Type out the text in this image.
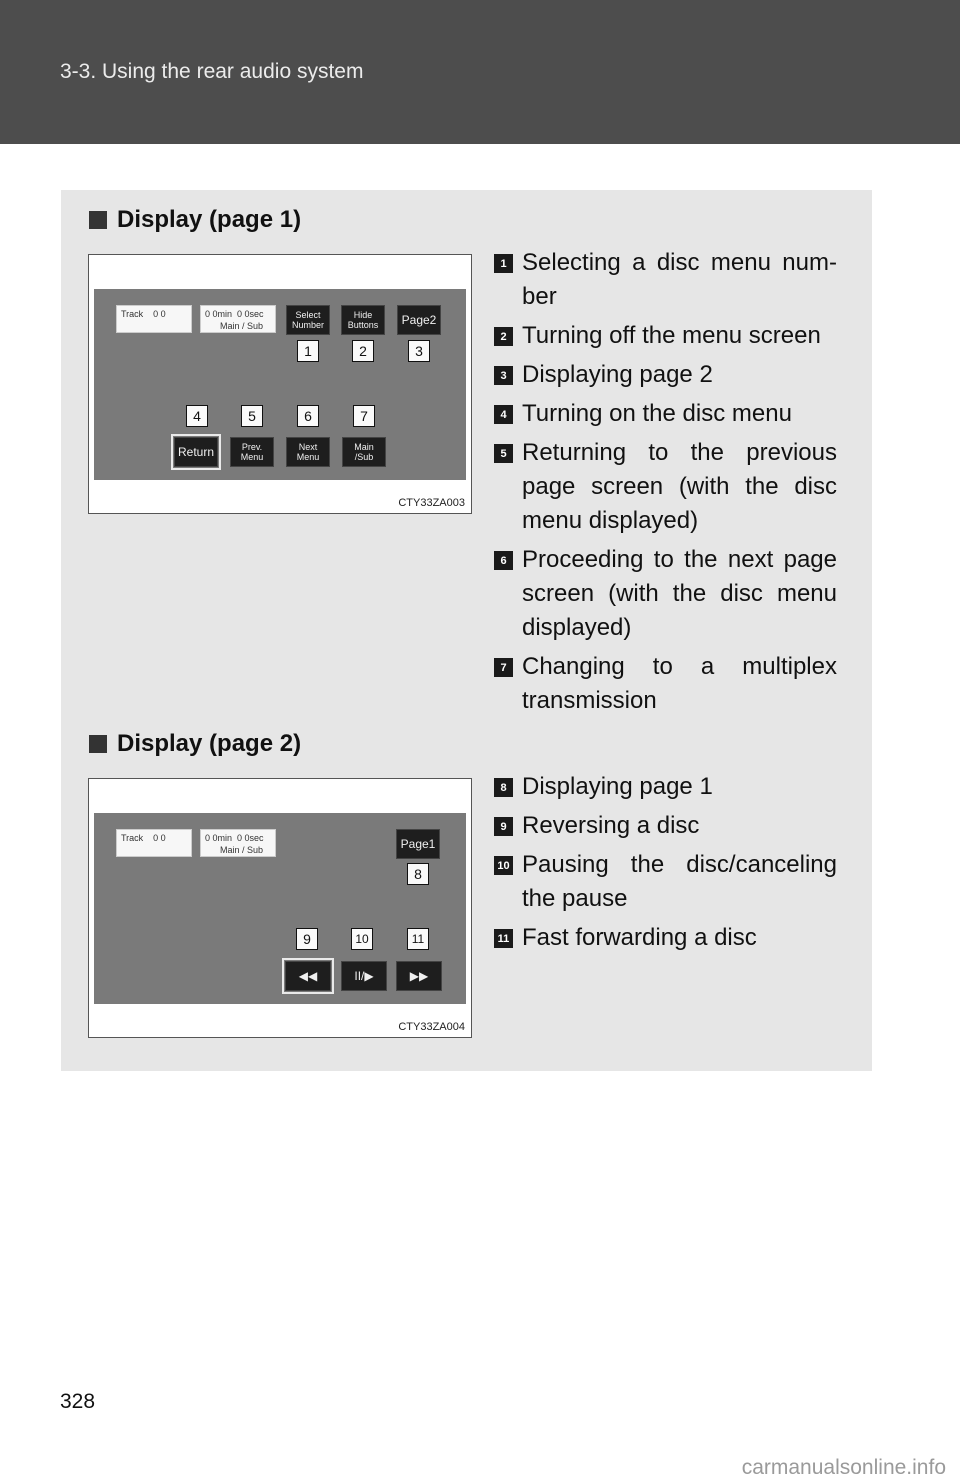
3-3. Using the rear audio system
Display (page 1)
Track    0 0	0 0min  0 0sec
Main / Sub
Select
Number
Hide
Buttons	Page2
1	2	3
4	5	6	7
Return	Prev.
Menu
Next
Menu
Main
/Sub
CTY33ZA003
1 Selecting a disc menu num-ber
2 Turning off the menu screen
3 Displaying page 2
4 Turning on the disc menu
5 Returning to the previous page screen (with the disc menu displayed)
6 Proceeding to the next page screen (with the disc menu displayed)
7 Changing to a multiplex transmission
Display (page 2)
Track    0 0	0 0min  0 0sec
Main / Sub	Page1
8
9	10	11
◀◀	II/▶	▶▶
CTY33ZA004
8 Displaying page 1
9 Reversing a disc
10 Pausing the disc/canceling the pause
11 Fast forwarding a disc
328
carmanualsonline.info
